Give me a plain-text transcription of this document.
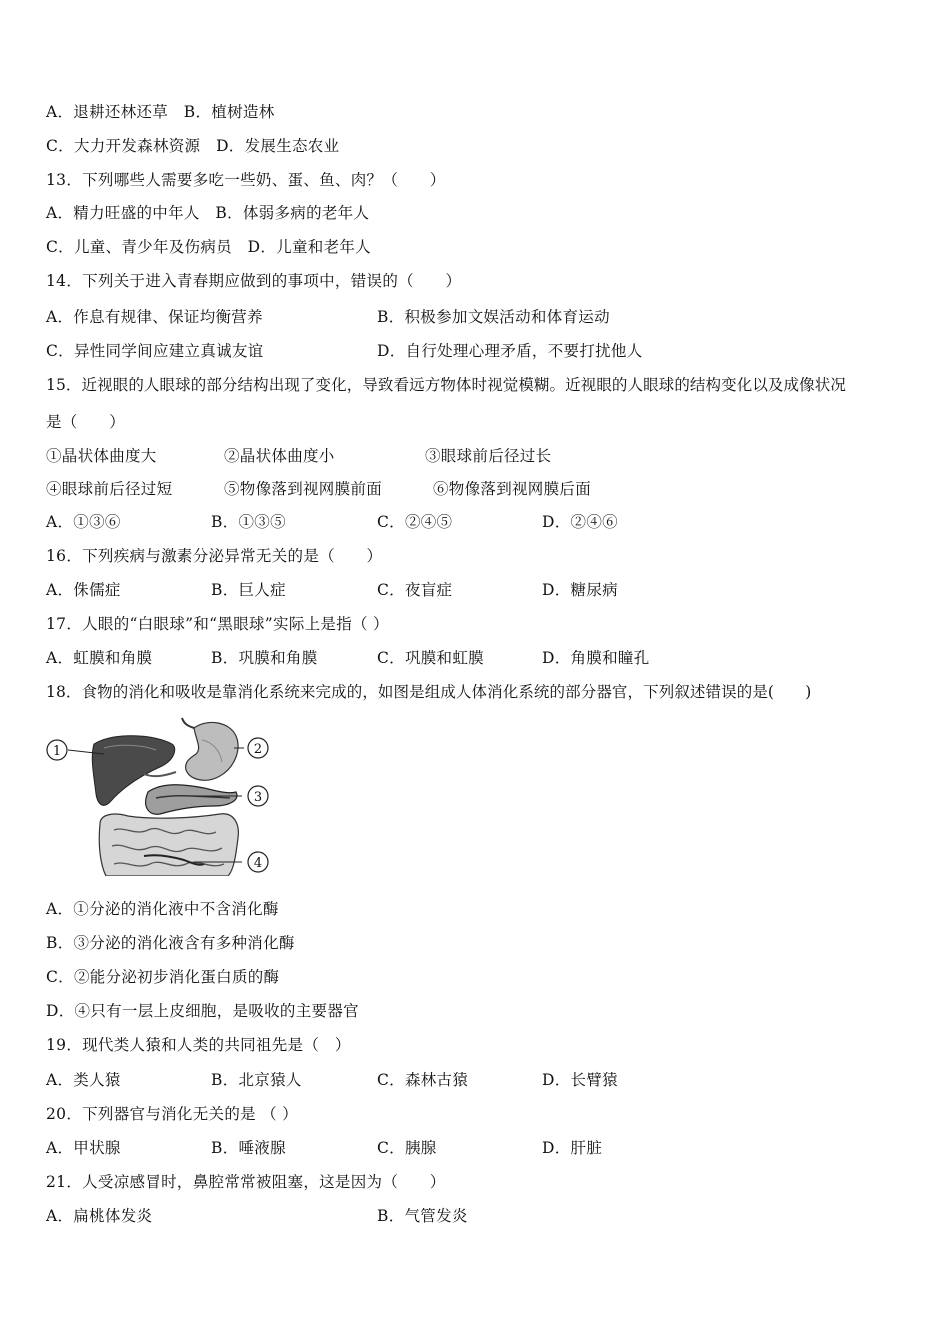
A．退耕还林还草 B．植树造林
C．大力开发森林资源 D．发展生态农业
13．下列哪些人需要多吃一些奶、蛋、鱼、肉？（　　）
A．精力旺盛的中年人 B．体弱多病的老年人
C．儿童、青少年及伤病员 D．儿童和老年人
14．下列关于进入青春期应做到的事项中，错误的（　　）
A．作息有规律、保证均衡营养	B．积极参加文娱活动和体育运动
C．异性同学间应建立真诚友谊	D．自行处理心理矛盾，不要打扰他人
15．近视眼的人眼球的部分结构出现了变化，导致看远方物体时视觉模糊。近视眼的人眼球的结构变化以及成像状况
是（　　）
①晶状体曲度大	②晶状体曲度小	③眼球前后径过长
④眼球前后径过短	⑤物像落到视网膜前面	⑥物像落到视网膜后面
A．①③⑥	B．①③⑤	C．②④⑤	D．②④⑥
16．下列疾病与激素分泌异常无关的是（　　）
A．侏儒症	B．巨人症	C．夜盲症	D．糖尿病
17．人眼的“白眼球”和“黑眼球”实际上是指（ ）
A．虹膜和角膜	B．巩膜和角膜	C．巩膜和虹膜	D．角膜和瞳孔
18．食物的消化和吸收是靠消化系统来完成的，如图是组成人体消化系统的部分器官，下列叙述错误的是(　　)
1	2
3
4
A．①分泌的消化液中不含消化酶
B．③分泌的消化液含有多种消化酶
C．②能分泌初步消化蛋白质的酶
D．④只有一层上皮细胞，是吸收的主要器官
19．现代类人猿和人类的共同祖先是（　）
A．类人猿	B．北京猿人	C．森林古猿	D．长臂猿
20．下列器官与消化无关的是 （ ）
A．甲状腺	B．唾液腺	C．胰腺	D．肝脏
21．人受凉感冒时，鼻腔常常被阻塞，这是因为（　　）
A．扁桃体发炎	B．气管发炎
